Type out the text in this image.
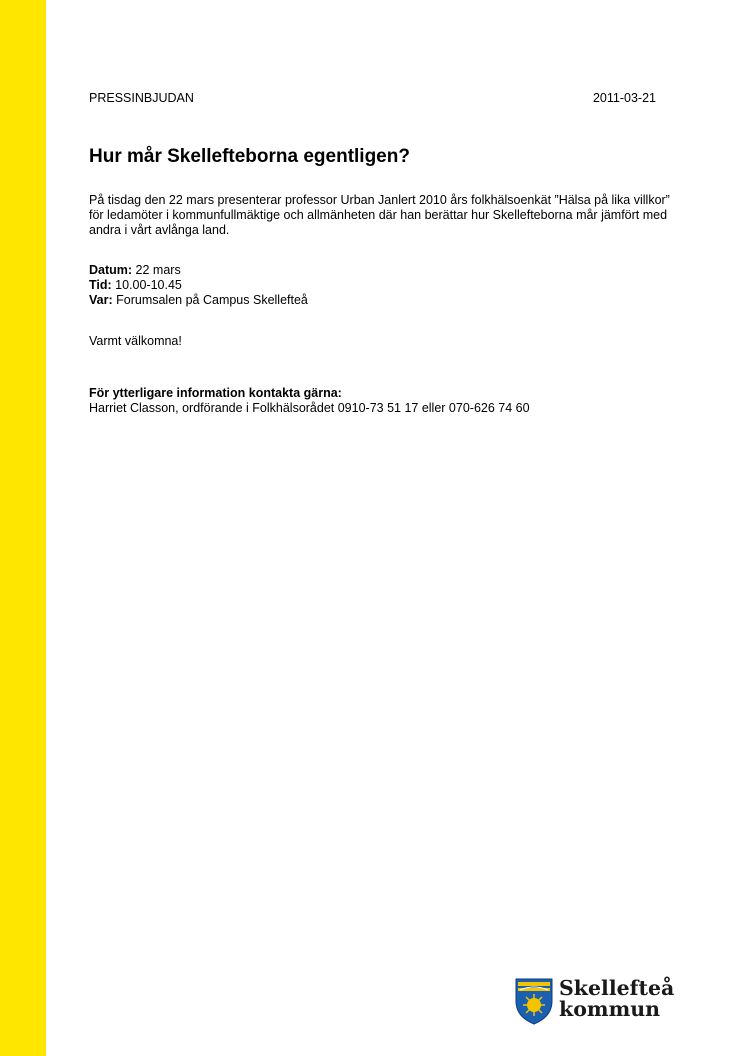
PRESSINBJUDAN	2011-03-21
Hur mår Skellefteborna egentligen?

På tisdag den 22 mars presenterar professor Urban Janlert 2010 års folkhälsoenkät ”Hälsa på lika villkor” för ledamöter i kommunfullmäktige och allmänheten där han berättar hur Skellefteborna mår jämfört med andra i vårt avlånga land.

Datum: 22 mars
Tid: 10.00-10.45
Var: Forumsalen på Campus Skellefteå
Varmt välkomna!
För ytterligare information kontakta gärna:
Harriet Classon, ordförande i Folkhälsorådet 0910-73 51 17 eller 070-626 74 60
Skellefteå
kommun
